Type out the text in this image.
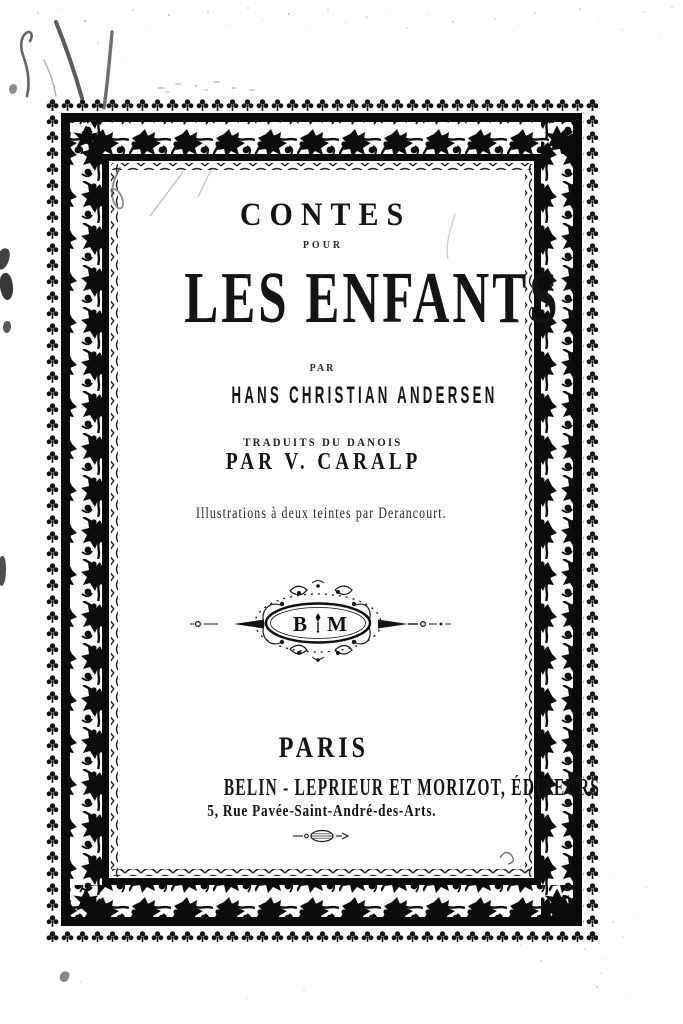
CONTES
POUR
LES ENFANTS
PAR
HANS CHRISTIAN ANDERSEN
TRADUITS DU DANOIS
PAR V. CARALP
Illustrations à deux teintes par Derancourt.
B M
PARIS
BELIN - LEPRIEUR ET MORIZOT, ÉDITEURS
5, Rue Pavée-Saint-André-des-Arts.
